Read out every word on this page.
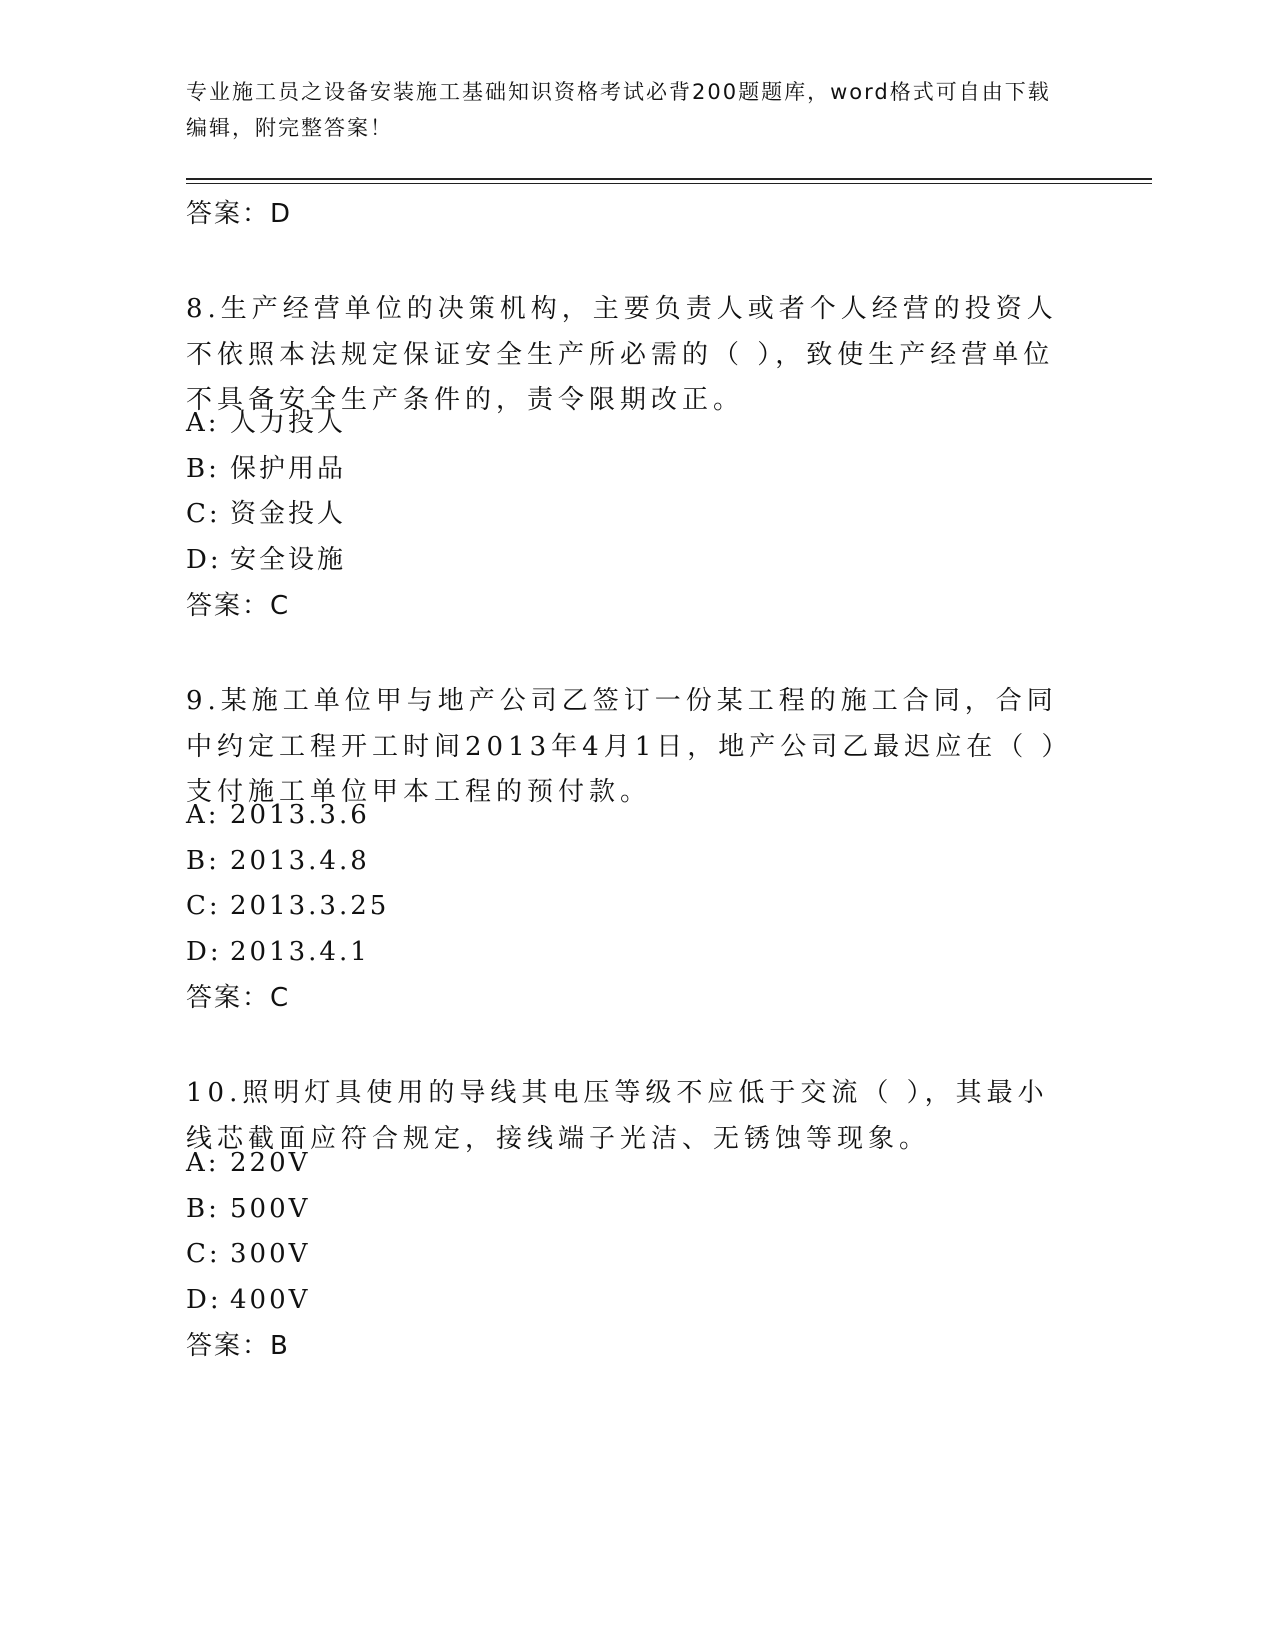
专业施工员之设备安装施工基础知识资格考试必背200题题库，word格式可自由下载编辑，附完整答案！
答案：D
8.生产经营单位的决策机构，主要负责人或者个人经营的投资人不依照本法规定保证安全生产所必需的（ ），致使生产经营单位不具备安全生产条件的，责令限期改正。
A: 人力投人
B: 保护用品
C: 资金投人
D: 安全设施
答案：C
9.某施工单位甲与地产公司乙签订一份某工程的施工合同，合同中约定工程开工时间2013年4月1日，地产公司乙最迟应在（ ）支付施工单位甲本工程的预付款。
A: 2013.3.6
B: 2013.4.8
C: 2013.3.25
D: 2013.4.1
答案：C
10.照明灯具使用的导线其电压等级不应低于交流（ ），其最小线芯截面应符合规定，接线端子光洁、无锈蚀等现象。
A: 220V
B: 500V
C: 300V
D: 400V
答案：B
